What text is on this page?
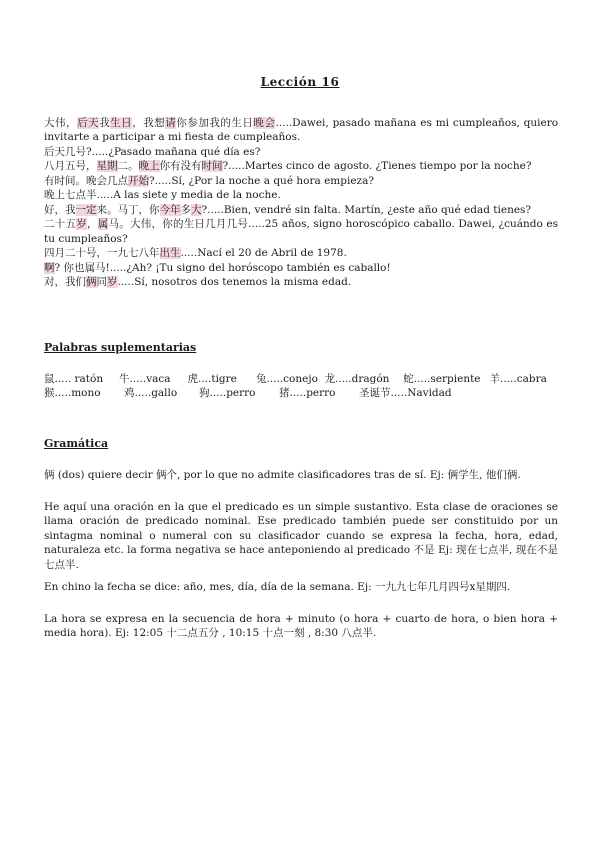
Lección 16

大伟，后天我生日，我想请你参加我的生日晚会.....Dawei, pasado mañana es mi cumpleaños, quiero invitarte a participar a mi fiesta de cumpleaños.

后天几号?.....¿Pasado mañana qué día es?

八月五号，星期二。晚上你有没有时间?.....Martes cinco de agosto. ¿Tienes tiempo por la noche?

有时间。晚会几点开始?.....Sí, ¿Por la noche a qué hora empieza?

晚上七点半.....A las siete y media de la noche.

好，我一定来。马丁，你今年多大?.....Bien, vendré sin falta. Martín, ¿este año qué edad tienes?

二十五岁，属马。大伟，你的生日几月几号.....25 años, signo horoscópico caballo. Dawei, ¿cuándo es tu cumpleaños?

四月二十号，一九七八年出生.....Nací el 20 de Abril de 1978.

啊? 你也属马!.....¿Ah? ¡Tu signo del horóscopo también es caballo!

对，我们俩同岁.....Sí, nosotros dos tenemos la misma edad.

Palabras suplementarias
鼠..... ratón	牛.....vaca	虎....tigre	兔.....conejo 龙.....dragón	蛇.....serpiente 羊.....cabra
猴.....mono	鸡.....gallo	狗.....perro	猪.....perro	圣诞节.....Navidad
Gramática
俩 (dos) quiere decir 俩个, por lo que no admite clasificadores tras de sí. Ej: 俩学生, 他们俩.
He aquí una oración en la que el predicado es un simple sustantivo. Esta clase de oraciones se llama oración de predicado nominal. Ese predicado también puede ser constituido por un sintagma nominal o numeral con su clasificador cuando se expresa la fecha, hora, edad, naturaleza etc. la forma negativa se hace anteponiendo al predicado 不是 Ej: 现在七点半, 现在不是七点半.
En chino la fecha se dice: año, mes, día, día de la semana. Ej: 一九九七年几月四号x星期四.
La hora se expresa en la secuencia de hora + minuto (o hora + cuarto de hora, o bien hora + media hora). Ej: 12:05 十二点五分 , 10:15 十点一刻 , 8:30 八点半.
